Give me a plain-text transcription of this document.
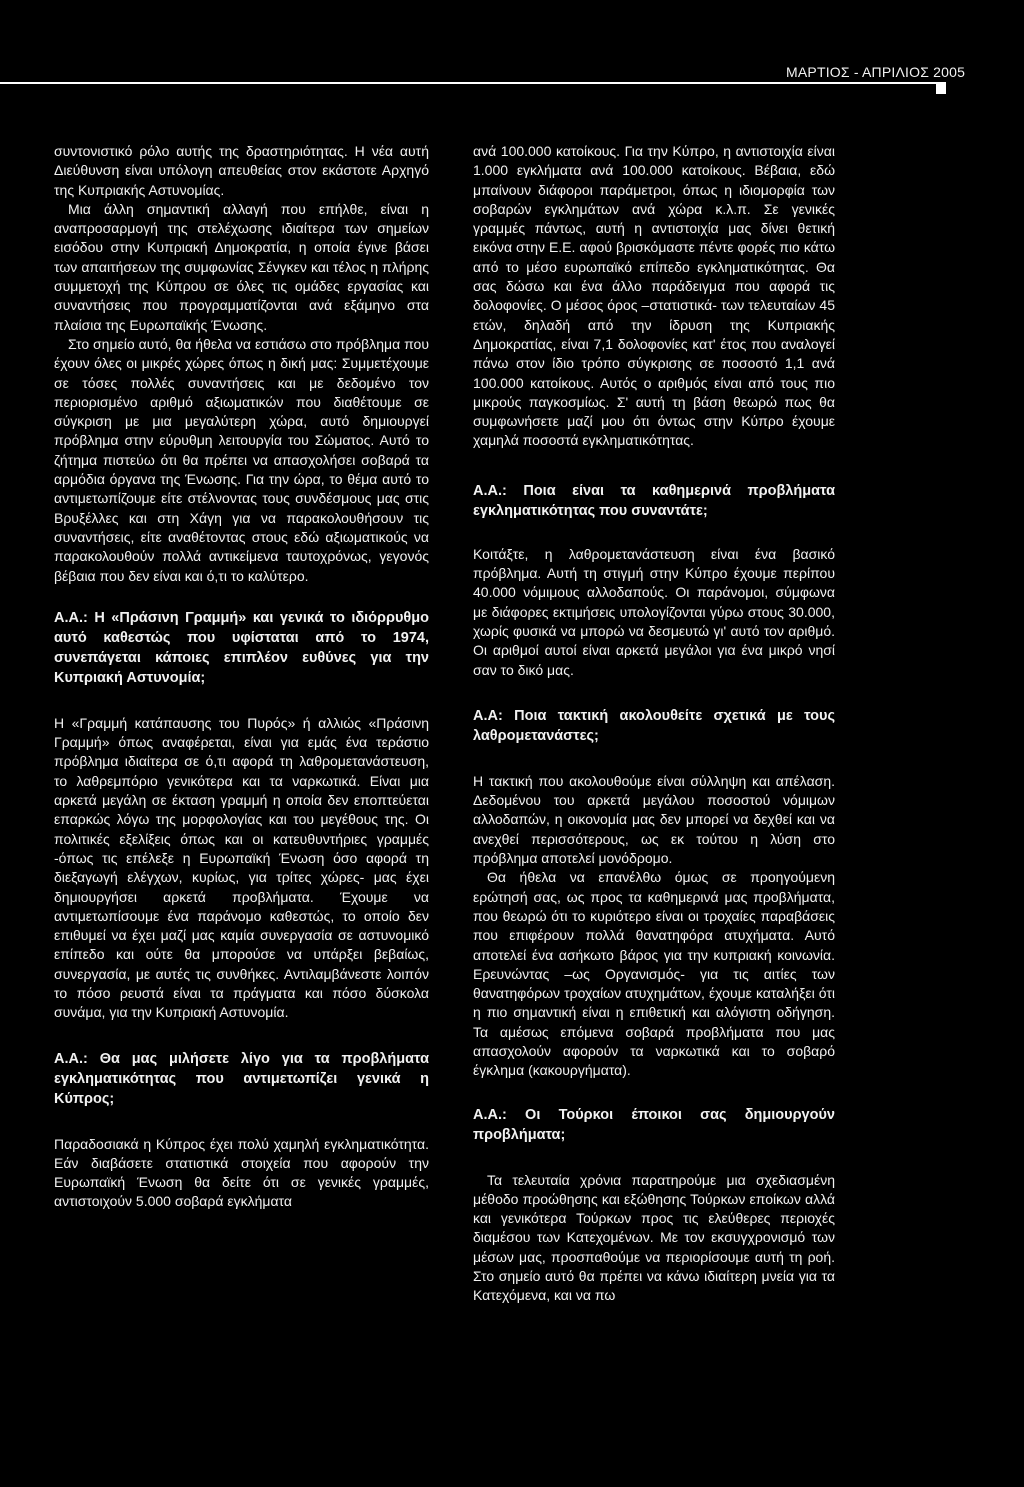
ΜΑΡΤΙΟΣ - ΑΠΡΙΛΙΟΣ 2005

συντονιστικό ρόλο αυτής της δραστηριότητας. Η νέα αυτή Διεύθυνση είναι υπόλογη απευθείας στον εκάστοτε Αρχηγό της Κυπριακής Αστυνομίας.

Μια άλλη σημαντική αλλαγή που επήλθε, είναι η αναπροσαρμογή της στελέχωσης ιδιαίτερα των σημείων εισόδου στην Κυπριακή Δημοκρατία, η οποία έγινε βάσει των απαιτήσεων της συμφωνίας Σένγκεν και τέλος η πλήρης συμμετοχή της Κύπρου σε όλες τις ομάδες εργασίας και συναντήσεις που προγραμματίζονται ανά εξάμηνο στα πλαίσια της Ευρωπαϊκής Ένωσης.

Στο σημείο αυτό, θα ήθελα να εστιάσω στο πρόβλημα που έχουν όλες οι μικρές χώρες όπως η δική μας: Συμμετέχουμε σε τόσες πολλές συναντήσεις και με δεδομένο τον περιορισμένο αριθμό αξιωματικών που διαθέτουμε σε σύγκριση με μια μεγαλύτερη χώρα, αυτό δημιουργεί πρόβλημα στην εύρυθμη λειτουργία του Σώματος. Αυτό το ζήτημα πιστεύω ότι θα πρέπει να απασχολήσει σοβαρά τα αρμόδια όργανα της Ένωσης. Για την ώρα, το θέμα αυτό το αντιμετωπίζουμε είτε στέλνοντας τους συνδέσμους μας στις Βρυξέλλες και στη Χάγη για να παρακολουθήσουν τις συναντήσεις, είτε αναθέτοντας στους εδώ αξιωματικούς να παρακολουθούν πολλά αντικείμενα ταυτοχρόνως, γεγονός βέβαια που δεν είναι και ό,τι το καλύτερο.

Α.Α.: Η «Πράσινη Γραμμή» και γενικά το ιδιόρρυθμο αυτό καθεστώς που υφίσταται από το 1974, συνεπάγεται κάποιες επιπλέον ευθύνες για την Κυπριακή Αστυνομία;

Η «Γραμμή κατάπαυσης του Πυρός» ή αλλιώς «Πράσινη Γραμμή» όπως αναφέρεται, είναι για εμάς ένα τεράστιο πρόβλημα ιδιαίτερα σε ό,τι αφορά τη λαθρομετανάστευση, το λαθρεμπόριο γενικότερα και τα ναρκωτικά. Είναι μια αρκετά μεγάλη σε έκταση γραμμή η οποία δεν εποπτεύεται επαρκώς λόγω της μορφολογίας και του μεγέθους της. Οι πολιτικές εξελίξεις όπως και οι κατευθυντήριες γραμμές -όπως τις επέλεξε η Ευρωπαϊκή Ένωση όσο αφορά τη διεξαγωγή ελέγχων, κυρίως, για τρίτες χώρες- μας έχει δημιουργήσει αρκετά προβλήματα. Έχουμε να αντιμετωπίσουμε ένα παράνομο καθεστώς, το οποίο δεν επιθυμεί να έχει μαζί μας καμία συνεργασία σε αστυνομικό επίπεδο και ούτε θα μπορούσε να υπάρξει βεβαίως, συνεργασία, με αυτές τις συνθήκες. Αντιλαμβάνεστε λοιπόν το πόσο ρευστά είναι τα πράγματα και πόσο δύσκολα συνάμα, για την Κυπριακή Αστυνομία.

Α.Α.: Θα μας μιλήσετε λίγο για τα προβλήματα εγκληματικότητας που αντιμετωπίζει γενικά η Κύπρος;

Παραδοσιακά η Κύπρος έχει πολύ χαμηλή εγκληματικότητα. Εάν διαβάσετε στατιστικά στοιχεία που αφορούν την Ευρωπαϊκή Ένωση θα δείτε ότι σε γενικές γραμμές, αντιστοιχούν 5.000 σοβαρά εγκλήματα

ανά 100.000 κατοίκους. Για την Κύπρο, η αντιστοιχία είναι 1.000 εγκλήματα ανά 100.000 κατοίκους. Βέβαια, εδώ μπαίνουν διάφοροι παράμετροι, όπως η ιδιομορφία των σοβαρών εγκλημάτων ανά χώρα κ.λ.π. Σε γενικές γραμμές πάντως, αυτή η αντιστοιχία μας δίνει θετική εικόνα στην Ε.Ε. αφού βρισκόμαστε πέντε φορές πιο κάτω από το μέσο ευρωπαϊκό επίπεδο εγκληματικότητας. Θα σας δώσω και ένα άλλο παράδειγμα που αφορά τις δολοφονίες. Ο μέσος όρος –στατιστικά- των τελευταίων 45 ετών, δηλαδή από την ίδρυση της Κυπριακής Δημοκρατίας, είναι 7,1 δολοφονίες κατ' έτος που αναλογεί πάνω στον ίδιο τρόπο σύγκρισης σε ποσοστό 1,1 ανά 100.000 κατοίκους. Αυτός ο αριθμός είναι από τους πιο μικρούς παγκοσμίως. Σ' αυτή τη βάση θεωρώ πως θα συμφωνήσετε μαζί μου ότι όντως στην Κύπρο έχουμε χαμηλά ποσοστά εγκληματικότητας.

Α.Α.: Ποια είναι τα καθημερινά προβλήματα εγκληματικότητας που συναντάτε;

Κοιτάξτε, η λαθρομετανάστευση είναι ένα βασικό πρόβλημα. Αυτή τη στιγμή στην Κύπρο έχουμε περίπου 40.000 νόμιμους αλλοδαπούς. Οι παράνομοι, σύμφωνα με διάφορες εκτιμήσεις υπολογίζονται γύρω στους 30.000, χωρίς φυσικά να μπορώ να δεσμευτώ γι' αυτό τον αριθμό. Οι αριθμοί αυτοί είναι αρκετά μεγάλοι για ένα μικρό νησί σαν το δικό μας.

Α.Α: Ποια τακτική ακολουθείτε σχετικά με τους λαθρομετανάστες;

Η τακτική που ακολουθούμε είναι σύλληψη και απέλαση. Δεδομένου του αρκετά μεγάλου ποσοστού νόμιμων αλλοδαπών, η οικονομία μας δεν μπορεί να δεχθεί και να ανεχθεί περισσότερους, ως εκ τούτου η λύση στο πρόβλημα αποτελεί μονόδρομο.

Θα ήθελα να επανέλθω όμως σε προηγούμενη ερώτησή σας, ως προς τα καθημερινά μας προβλήματα, που θεωρώ ότι το κυριότερο είναι οι τροχαίες παραβάσεις που επιφέρουν πολλά θανατηφόρα ατυχήματα. Αυτό αποτελεί ένα ασήκωτο βάρος για την κυπριακή κοινωνία. Ερευνώντας –ως Οργανισμός- για τις αιτίες των θανατηφόρων τροχαίων ατυχημάτων, έχουμε καταλήξει ότι η πιο σημαντική είναι η επιθετική και αλόγιστη οδήγηση. Τα αμέσως επόμενα σοβαρά προβλήματα που μας απασχολούν αφορούν τα ναρκωτικά και το σοβαρό έγκλημα (κακουργήματα).

Α.Α.: Οι Τούρκοι έποικοι σας δημιουργούν προβλήματα;

Τα τελευταία χρόνια παρατηρούμε μια σχεδιασμένη μέθοδο προώθησης και εξώθησης Τούρκων εποίκων αλλά και γενικότερα Τούρκων προς τις ελεύθερες περιοχές διαμέσου των Κατεχομένων. Με τον εκσυγχρονισμό των μέσων μας, προσπαθούμε να περιορίσουμε αυτή τη ροή. Στο σημείο αυτό θα πρέπει να κάνω ιδιαίτερη μνεία για τα Κατεχόμενα, και να πω
